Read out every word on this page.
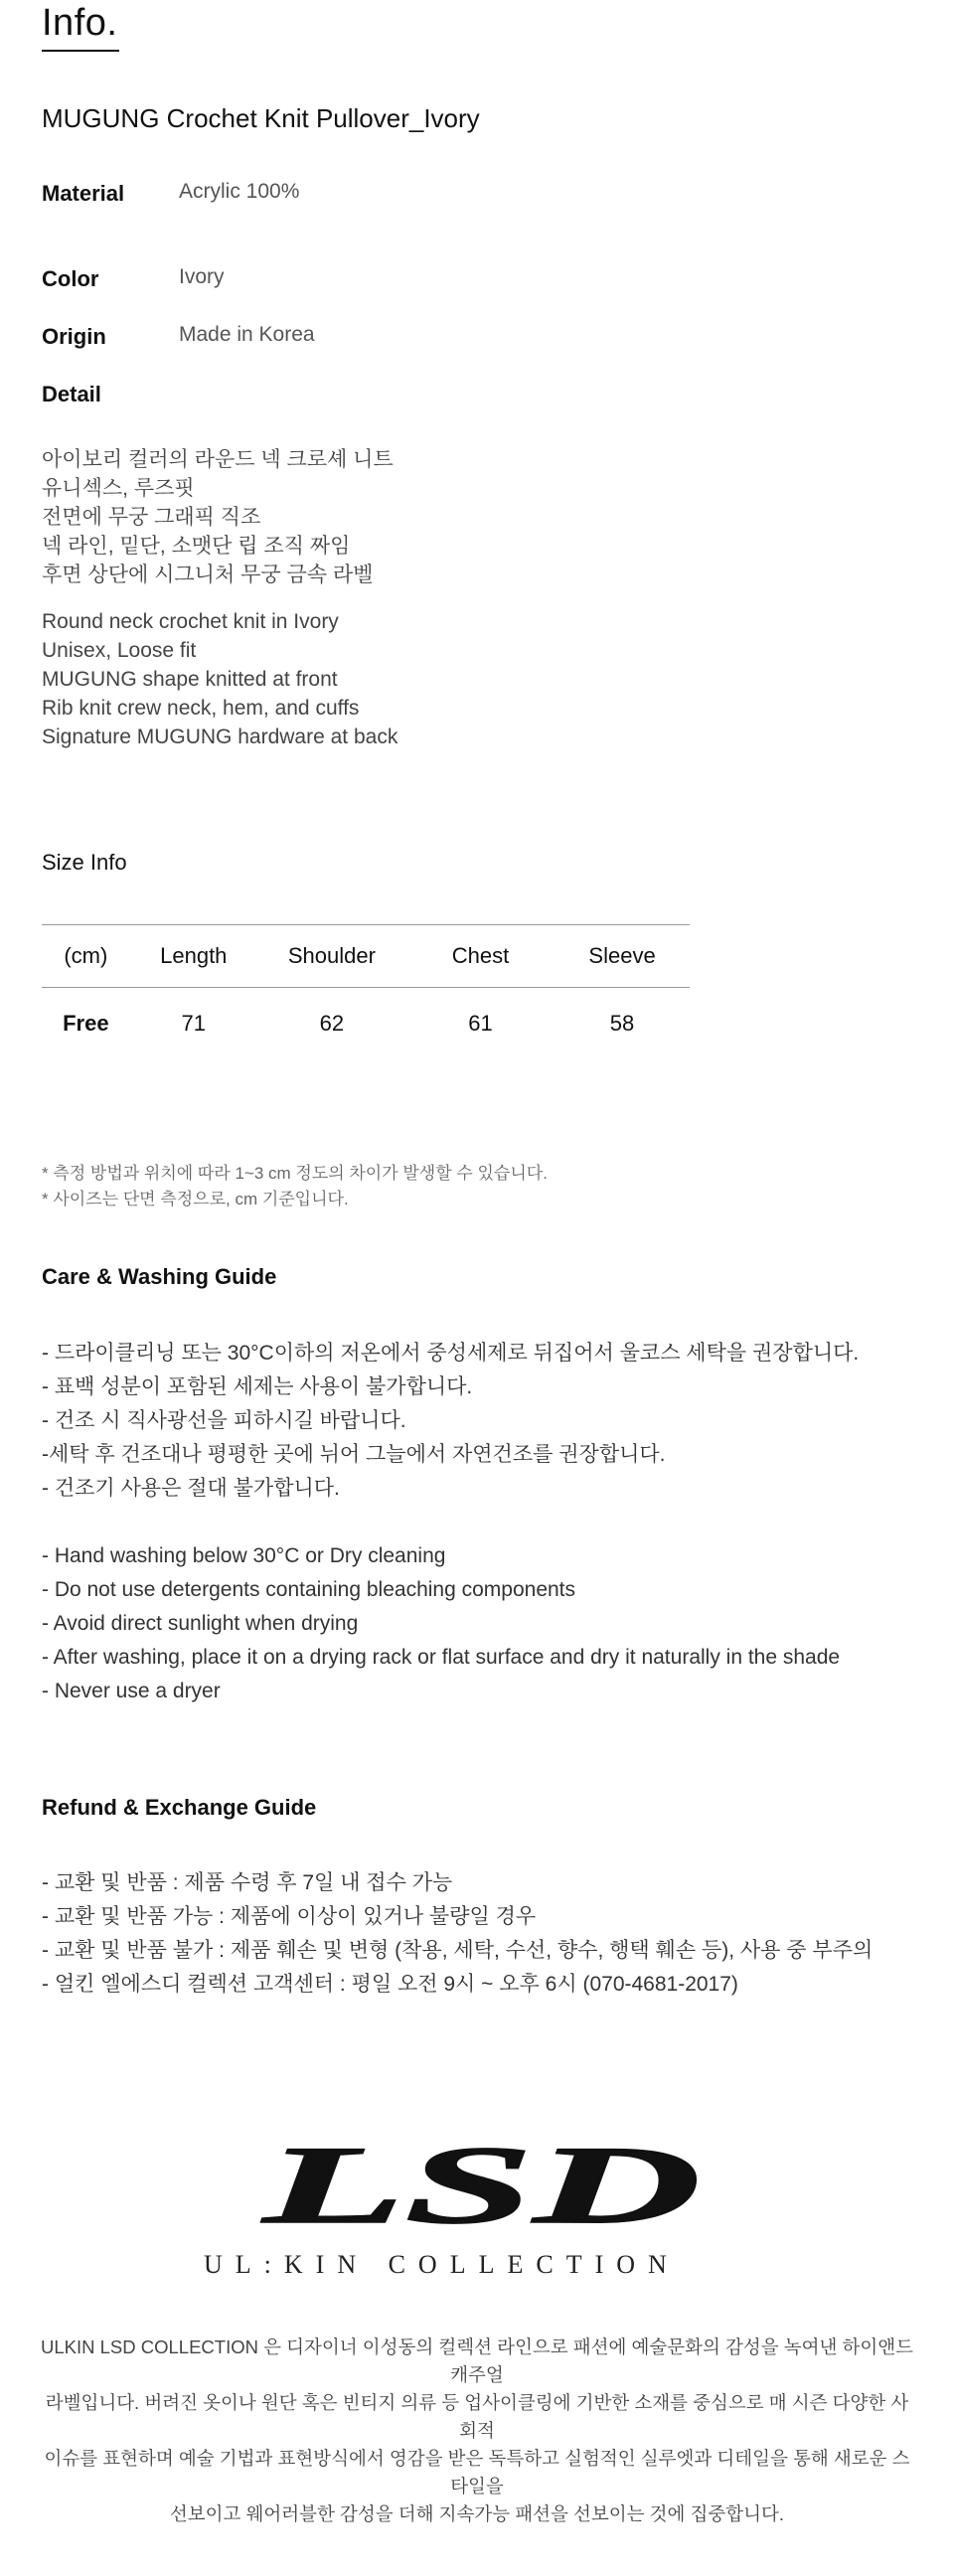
Info.
MUGUNG Crochet Knit Pullover_Ivory
Material	Acrylic 100%
Color	Ivory
Origin	Made in Korea
Detail
아이보리 컬러의 라운드 넥 크로셰 니트
유니섹스, 루즈핏
전면에 무궁 그래픽 직조
넥 라인, 밑단, 소맷단 립 조직 짜임
후면 상단에 시그니처 무궁 금속 라벨
Round neck crochet knit in Ivory
Unisex, Loose fit
MUGUNG shape knitted at front
Rib knit crew neck, hem, and cuffs
Signature MUGUNG hardware at back
Size Info
(cm)	Length	Shoulder	Chest	Sleeve
Free	71	62	61	58
* 측정 방법과 위치에 따라 1~3 cm 정도의 차이가 발생할 수 있습니다.
* 사이즈는 단면 측정으로, cm 기준입니다.
Care & Washing Guide
- 드라이클리닝 또는 30°C이하의 저온에서 중성세제로 뒤집어서 울코스 세탁을 권장합니다.
- 표백 성분이 포함된 세제는 사용이 불가합니다.
- 건조 시 직사광선을 피하시길 바랍니다.
-세탁 후 건조대나 평평한 곳에 뉘어 그늘에서 자연건조를 권장합니다.
- 건조기 사용은 절대 불가합니다.
- Hand washing below 30°C or Dry cleaning
- Do not use detergents containing bleaching components
- Avoid direct sunlight when drying
- After washing, place it on a drying rack or flat surface and dry it naturally in the shade
- Never use a dryer
Refund & Exchange Guide
- 교환 및 반품 : 제품 수령 후 7일 내 접수 가능
- 교환 및 반품 가능 : 제품에 이상이 있거나 불량일 경우
- 교환 및 반품 불가 : 제품 훼손 및 변형 (착용, 세탁, 수선, 향수, 행택 훼손 등), 사용 중 부주의
- 얼킨 엘에스디 컬렉션 고객센터 : 평일 오전 9시 ~ 오후 6시 (070-4681-2017)
LSD
UL:KIN COLLECTION
ULKIN LSD COLLECTION 은 디자이너 이성동의 컬렉션 라인으로 패션에 예술문화의 감성을 녹여낸 하이앤드 캐주얼
라벨입니다. 버려진 옷이나 원단 혹은 빈티지 의류 등 업사이클링에 기반한 소재를 중심으로 매 시즌 다양한 사회적
이슈를 표현하며 예술 기법과 표현방식에서 영감을 받은 독특하고 실험적인 실루엣과 디테일을 통해 새로운 스타일을
선보이고 웨어러블한 감성을 더해 지속가능 패션을 선보이는 것에 집중합니다.
